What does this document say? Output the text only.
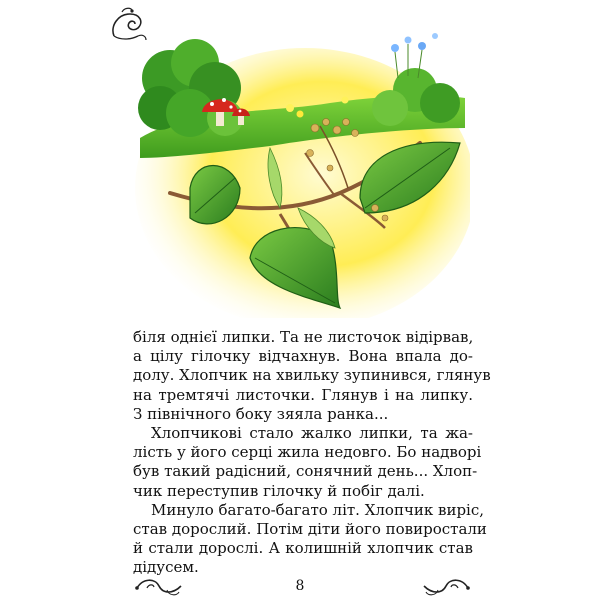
біля однієї липки. Та не листочок відірвав,
а цілу гілочку відчахнув. Вона впала до-
долу. Хлопчик на хвильку зупинився, глянув
на тремтячі листочки. Глянув і на липку.
З північного боку зяяла ранка...

Хлопчикові стало жалко липки, та жа-
лість у його серці жила недовго. Бо надворі
був такий радісний, сонячний день... Хлоп-
чик переступив гілочку й побіг далі.

Минуло багато-багато літ. Хлопчик виріс,
став дорослий. Потім діти його повиростали
й стали дорослі. А колишній хлопчик став
дідусем.

8
